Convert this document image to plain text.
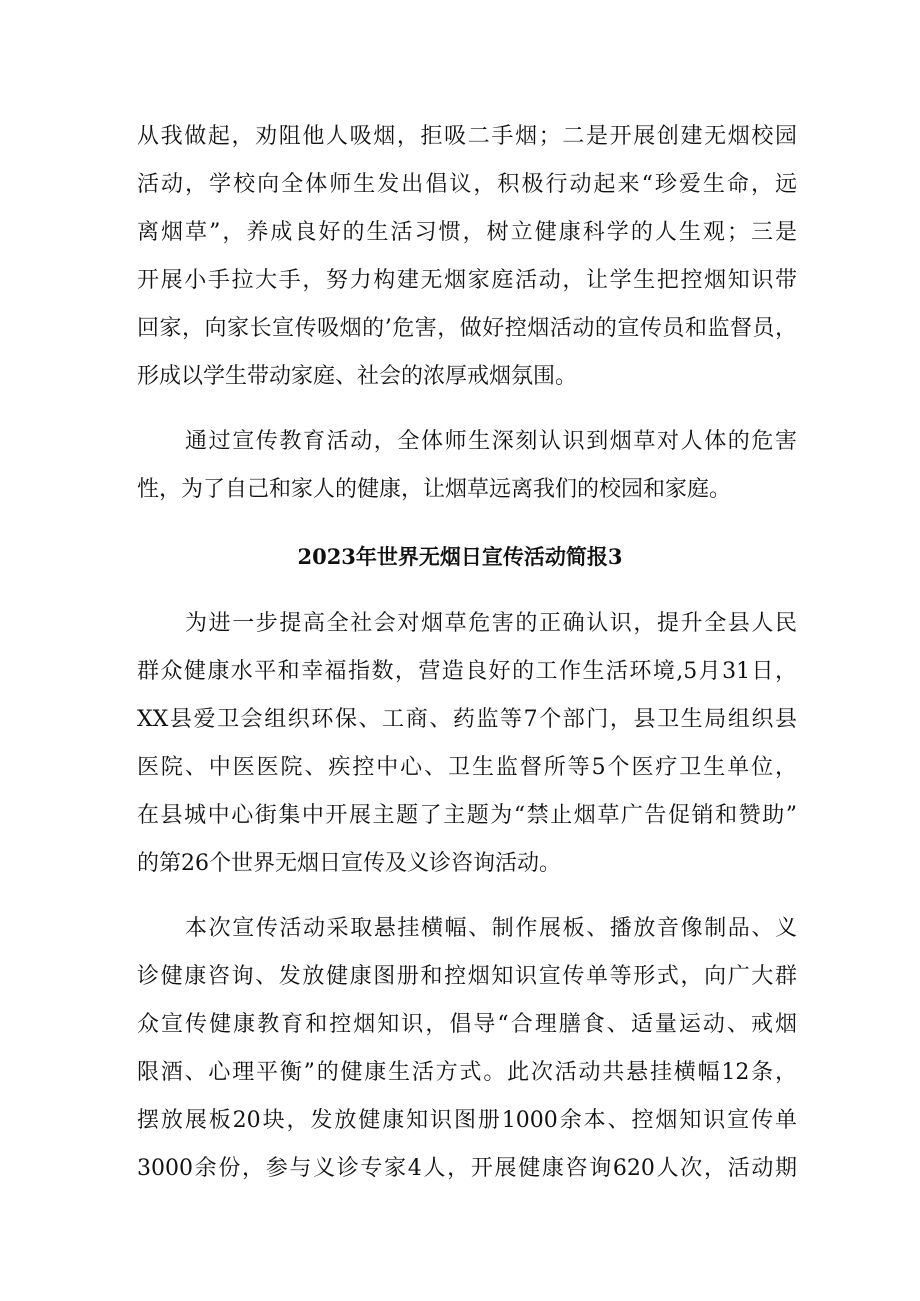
从我做起，劝阻他人吸烟，拒吸二手烟；二是开展创建无烟校园
活动，学校向全体师生发出倡议，积极行动起来“珍爱生命，远
离烟草”，养成良好的生活习惯，树立健康科学的人生观；三是
开展小手拉大手，努力构建无烟家庭活动，让学生把控烟知识带
回家，向家长宣传吸烟的’危害，做好控烟活动的宣传员和监督员，
形成以学生带动家庭、社会的浓厚戒烟氛围。
通过宣传教育活动，全体师生深刻认识到烟草对人体的危害
性，为了自己和家人的健康，让烟草远离我们的校园和家庭。
2023年世界无烟日宣传活动简报3
为进一步提高全社会对烟草危害的正确认识，提升全县人民
群众健康水平和幸福指数，营造良好的工作生活环境,5月31日，
XX县爱卫会组织环保、工商、药监等7个部门，县卫生局组织县
医院、中医医院、疾控中心、卫生监督所等5个医疗卫生单位，
在县城中心街集中开展主题了主题为“禁止烟草广告促销和赞助”
的第26个世界无烟日宣传及义诊咨询活动。
本次宣传活动采取悬挂横幅、制作展板、播放音像制品、义
诊健康咨询、发放健康图册和控烟知识宣传单等形式，向广大群
众宣传健康教育和控烟知识，倡导“合理膳食、适量运动、戒烟
限酒、心理平衡”的健康生活方式。此次活动共悬挂横幅12条，
摆放展板20块，发放健康知识图册1000余本、控烟知识宣传单
3000余份，参与义诊专家4人，开展健康咨询620人次，活动期
